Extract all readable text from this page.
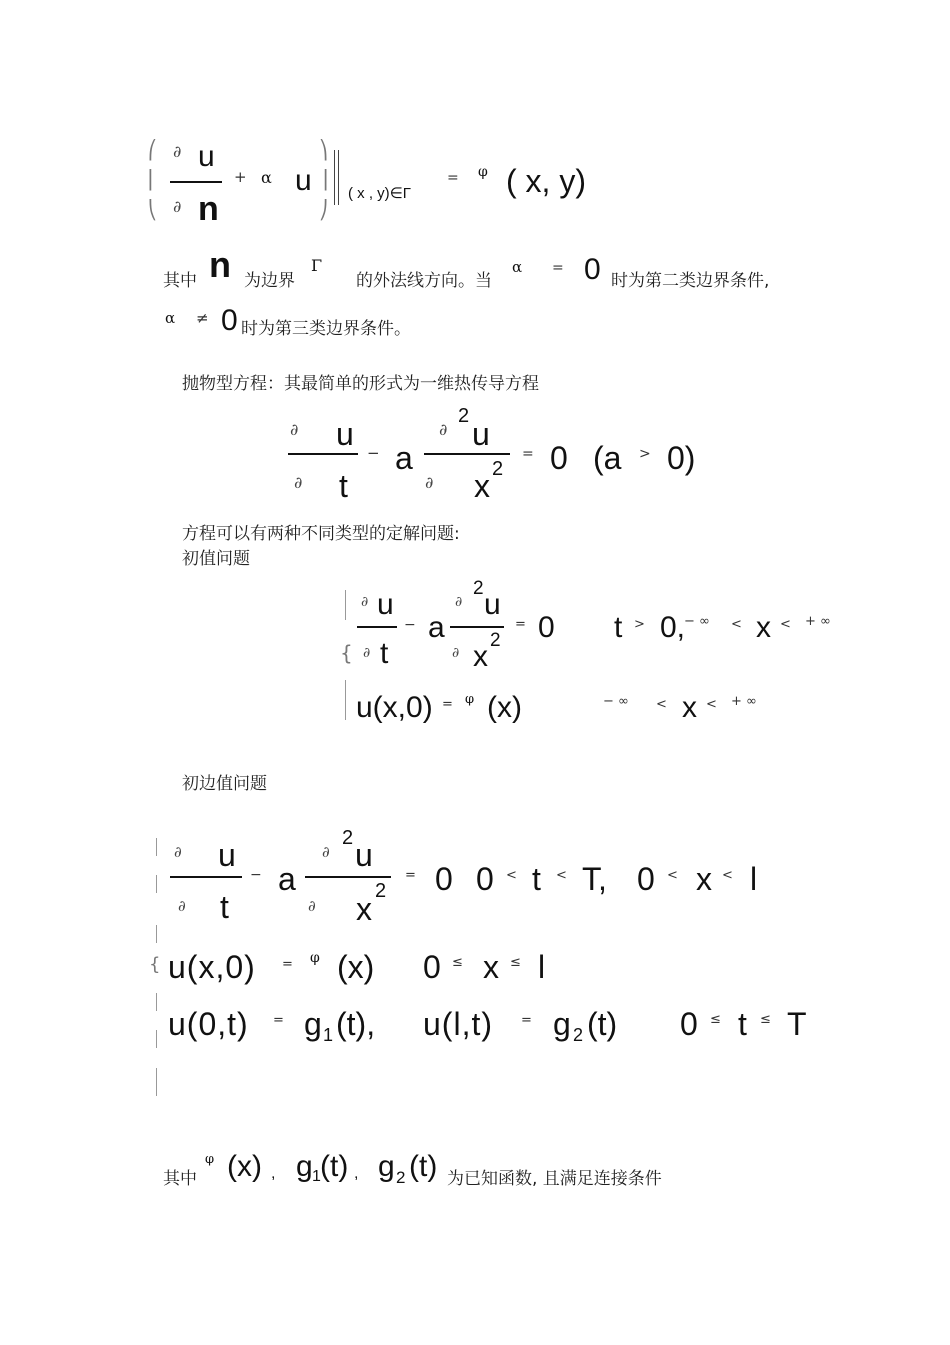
⎛
⎜
⎝
∂ u
∂ n
+ α u
⎞
⎟
⎠
( x , y)∈Γ
= φ ( x, y)
其中 n 为边界
Γ
的外法线方向。当
α = 0 时为第二类边界条件,
α ≠ 0 时为第三类边界条件。
抛物型方程：其最简单的形式为一维热传导方程
∂ u
∂ t
− a
∂
2 u
∂ x 2
= 0 (a > 0)
方程可以有两种不同类型的定解问题:
初值问题
{
∂ u
∂ t
− a
∂
2 u
∂ x 2
= 0 t > 0,
− ∞ < x < + ∞
u(x,0) = φ (x)	− ∞ < x < + ∞
初边值问题
{
∂ u
∂ t
− a
∂
2 u
∂ x 2
= 0 0 < t < T, 0 < x < l
u(x,0) = φ (x) 0 ≤ x ≤ l
u(0,t) = g 1 (t), u(l,t) = g 2 (t) 0 ≤ t ≤ T
其中
φ (x) , g 1 (t) , g 2 (t) 为已知函数, 且满足连接条件
